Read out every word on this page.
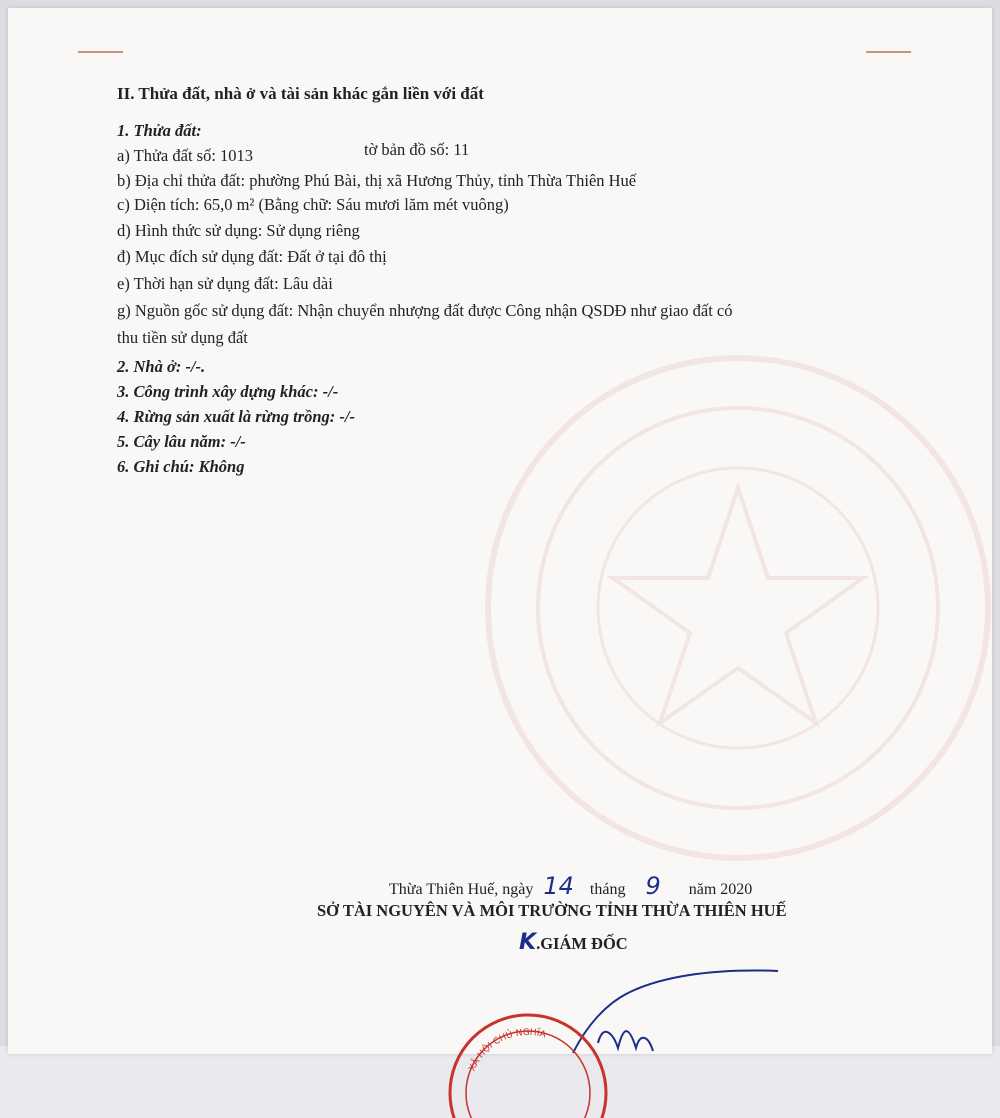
II. Thửa đất, nhà ở và tài sản khác gắn liền với đất
1. Thửa đất:
a) Thửa đất số: 1013	tờ bản đồ số: 11
b) Địa chỉ thửa đất: phường Phú Bài, thị xã Hương Thủy, tỉnh Thừa Thiên Huế
c) Diện tích: 65,0 m² (Bằng chữ: Sáu mươi lăm mét vuông)
d) Hình thức sử dụng: Sử dụng riêng
đ) Mục đích sử dụng đất: Đất ở tại đô thị
e) Thời hạn sử dụng đất: Lâu dài
g) Nguồn gốc sử dụng đất: Nhận chuyển nhượng đất được Công nhận QSDĐ như giao đất có
thu tiền sử dụng đất
2. Nhà ở: -/-.
3. Công trình xây dựng khác: -/-
4. Rừng sản xuất là rừng trồng: -/-
5. Cây lâu năm: -/-
6. Ghi chú: Không
Thừa Thiên Huế, ngày 14 tháng 9 năm 2020
SỞ TÀI NGUYÊN VÀ MÔI TRƯỜNG TỈNH THỪA THIÊN HUẾ
K.GIÁM ĐỐC
XÃ HỘI CHỦ NGHĨA
